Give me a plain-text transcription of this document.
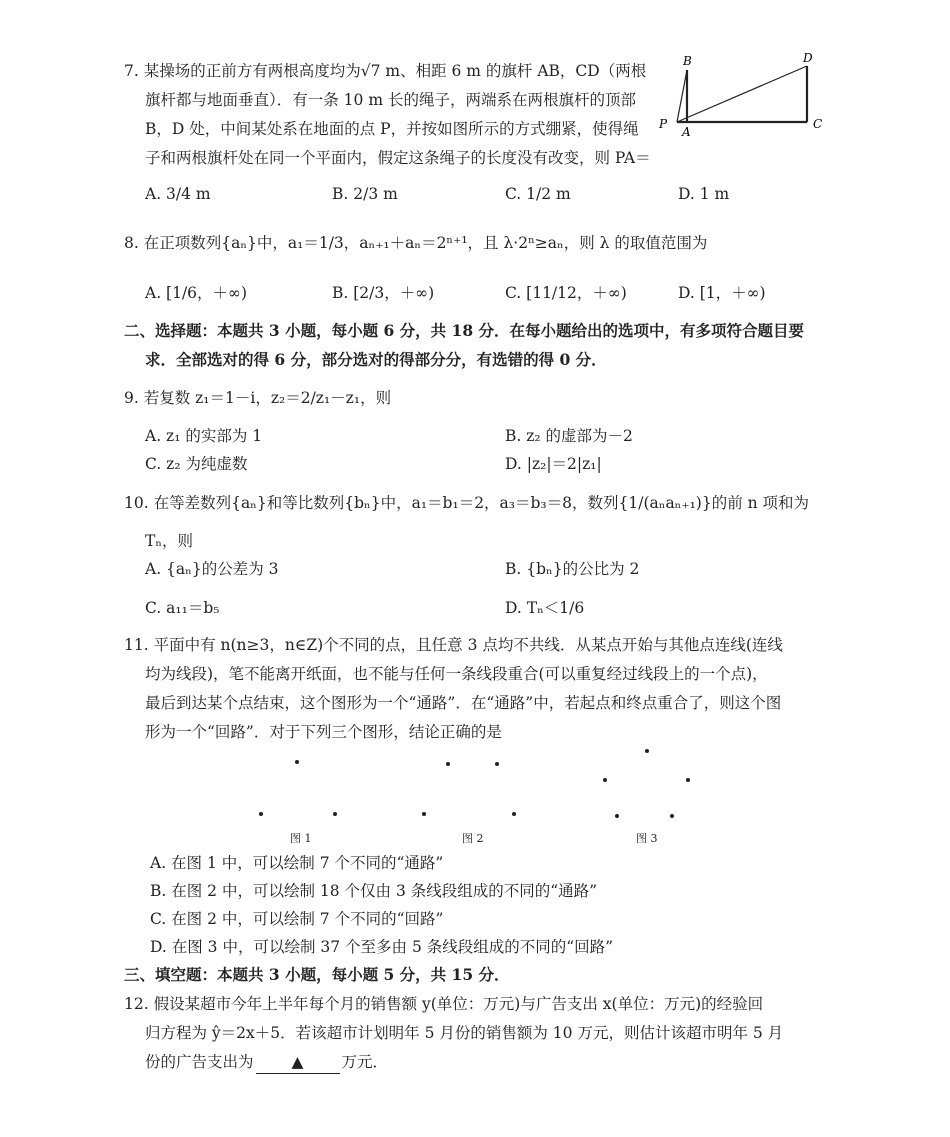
7. 某操场的正前方有两根高度均为√7 m、相距 6 m 的旗杆 AB，CD（两根
旗杆都与地面垂直）．有一条 10 m 长的绳子，两端系在两根旗杆的顶部
B，D 处，中间某处系在地面的点 P，并按如图所示的方式绷紧，使得绳
子和两根旗杆处在同一个平面内，假定这条绳子的长度没有改变，则 PA＝
B	D
P
A
C
A. 3/4 m	B. 2/3 m	C. 1/2 m	D. 1 m
8. 在正项数列{aₙ}中，a₁＝1/3，aₙ₊₁＋aₙ＝2ⁿ⁺¹，且 λ·2ⁿ≥aₙ，则 λ 的取值范围为
A. [1/6，＋∞)	B. [2/3，＋∞)	C. [11/12，＋∞)	D. [1，＋∞)
二、选择题：本题共 3 小题，每小题 6 分，共 18 分．在每小题给出的选项中，有多项符合题目要
求．全部选对的得 6 分，部分选对的得部分分，有选错的得 0 分．
9. 若复数 z₁＝1－i，z₂＝2/z₁－z₁，则
A. z₁ 的实部为 1	B. z₂ 的虚部为－2
C. z₂ 为纯虚数	D. |z₂|＝2|z₁|
10. 在等差数列{aₙ}和等比数列{bₙ}中，a₁＝b₁＝2，a₃＝b₃＝8，数列{1/(aₙaₙ₊₁)}的前 n 项和为
Tₙ，则
A. {aₙ}的公差为 3	B. {bₙ}的公比为 2
C. a₁₁＝b₅	D. Tₙ＜1/6
11. 平面中有 n(n≥3，n∈Z)个不同的点，且任意 3 点均不共线．从某点开始与其他点连线(连线
均为线段)，笔不能离开纸面，也不能与任何一条线段重合(可以重复经过线段上的一个点)，
最后到达某个点结束，这个图形为一个“通路”．在“通路”中，若起点和终点重合了，则这个图
形为一个“回路”．对于下列三个图形，结论正确的是
图 1	图 2	图 3
A. 在图 1 中，可以绘制 7 个不同的“通路”
B. 在图 2 中，可以绘制 18 个仅由 3 条线段组成的不同的“通路”
C. 在图 2 中，可以绘制 7 个不同的“回路”
D. 在图 3 中，可以绘制 37 个至多由 5 条线段组成的不同的“回路”
三、填空题：本题共 3 小题，每小题 5 分，共 15 分．
12. 假设某超市今年上半年每个月的销售额 y(单位：万元)与广告支出 x(单位：万元)的经验回
归方程为 ŷ＝2x＋5．若该超市计划明年 5 月份的销售额为 10 万元，则估计该超市明年 5 月
份的广告支出为 ▲ 万元．
